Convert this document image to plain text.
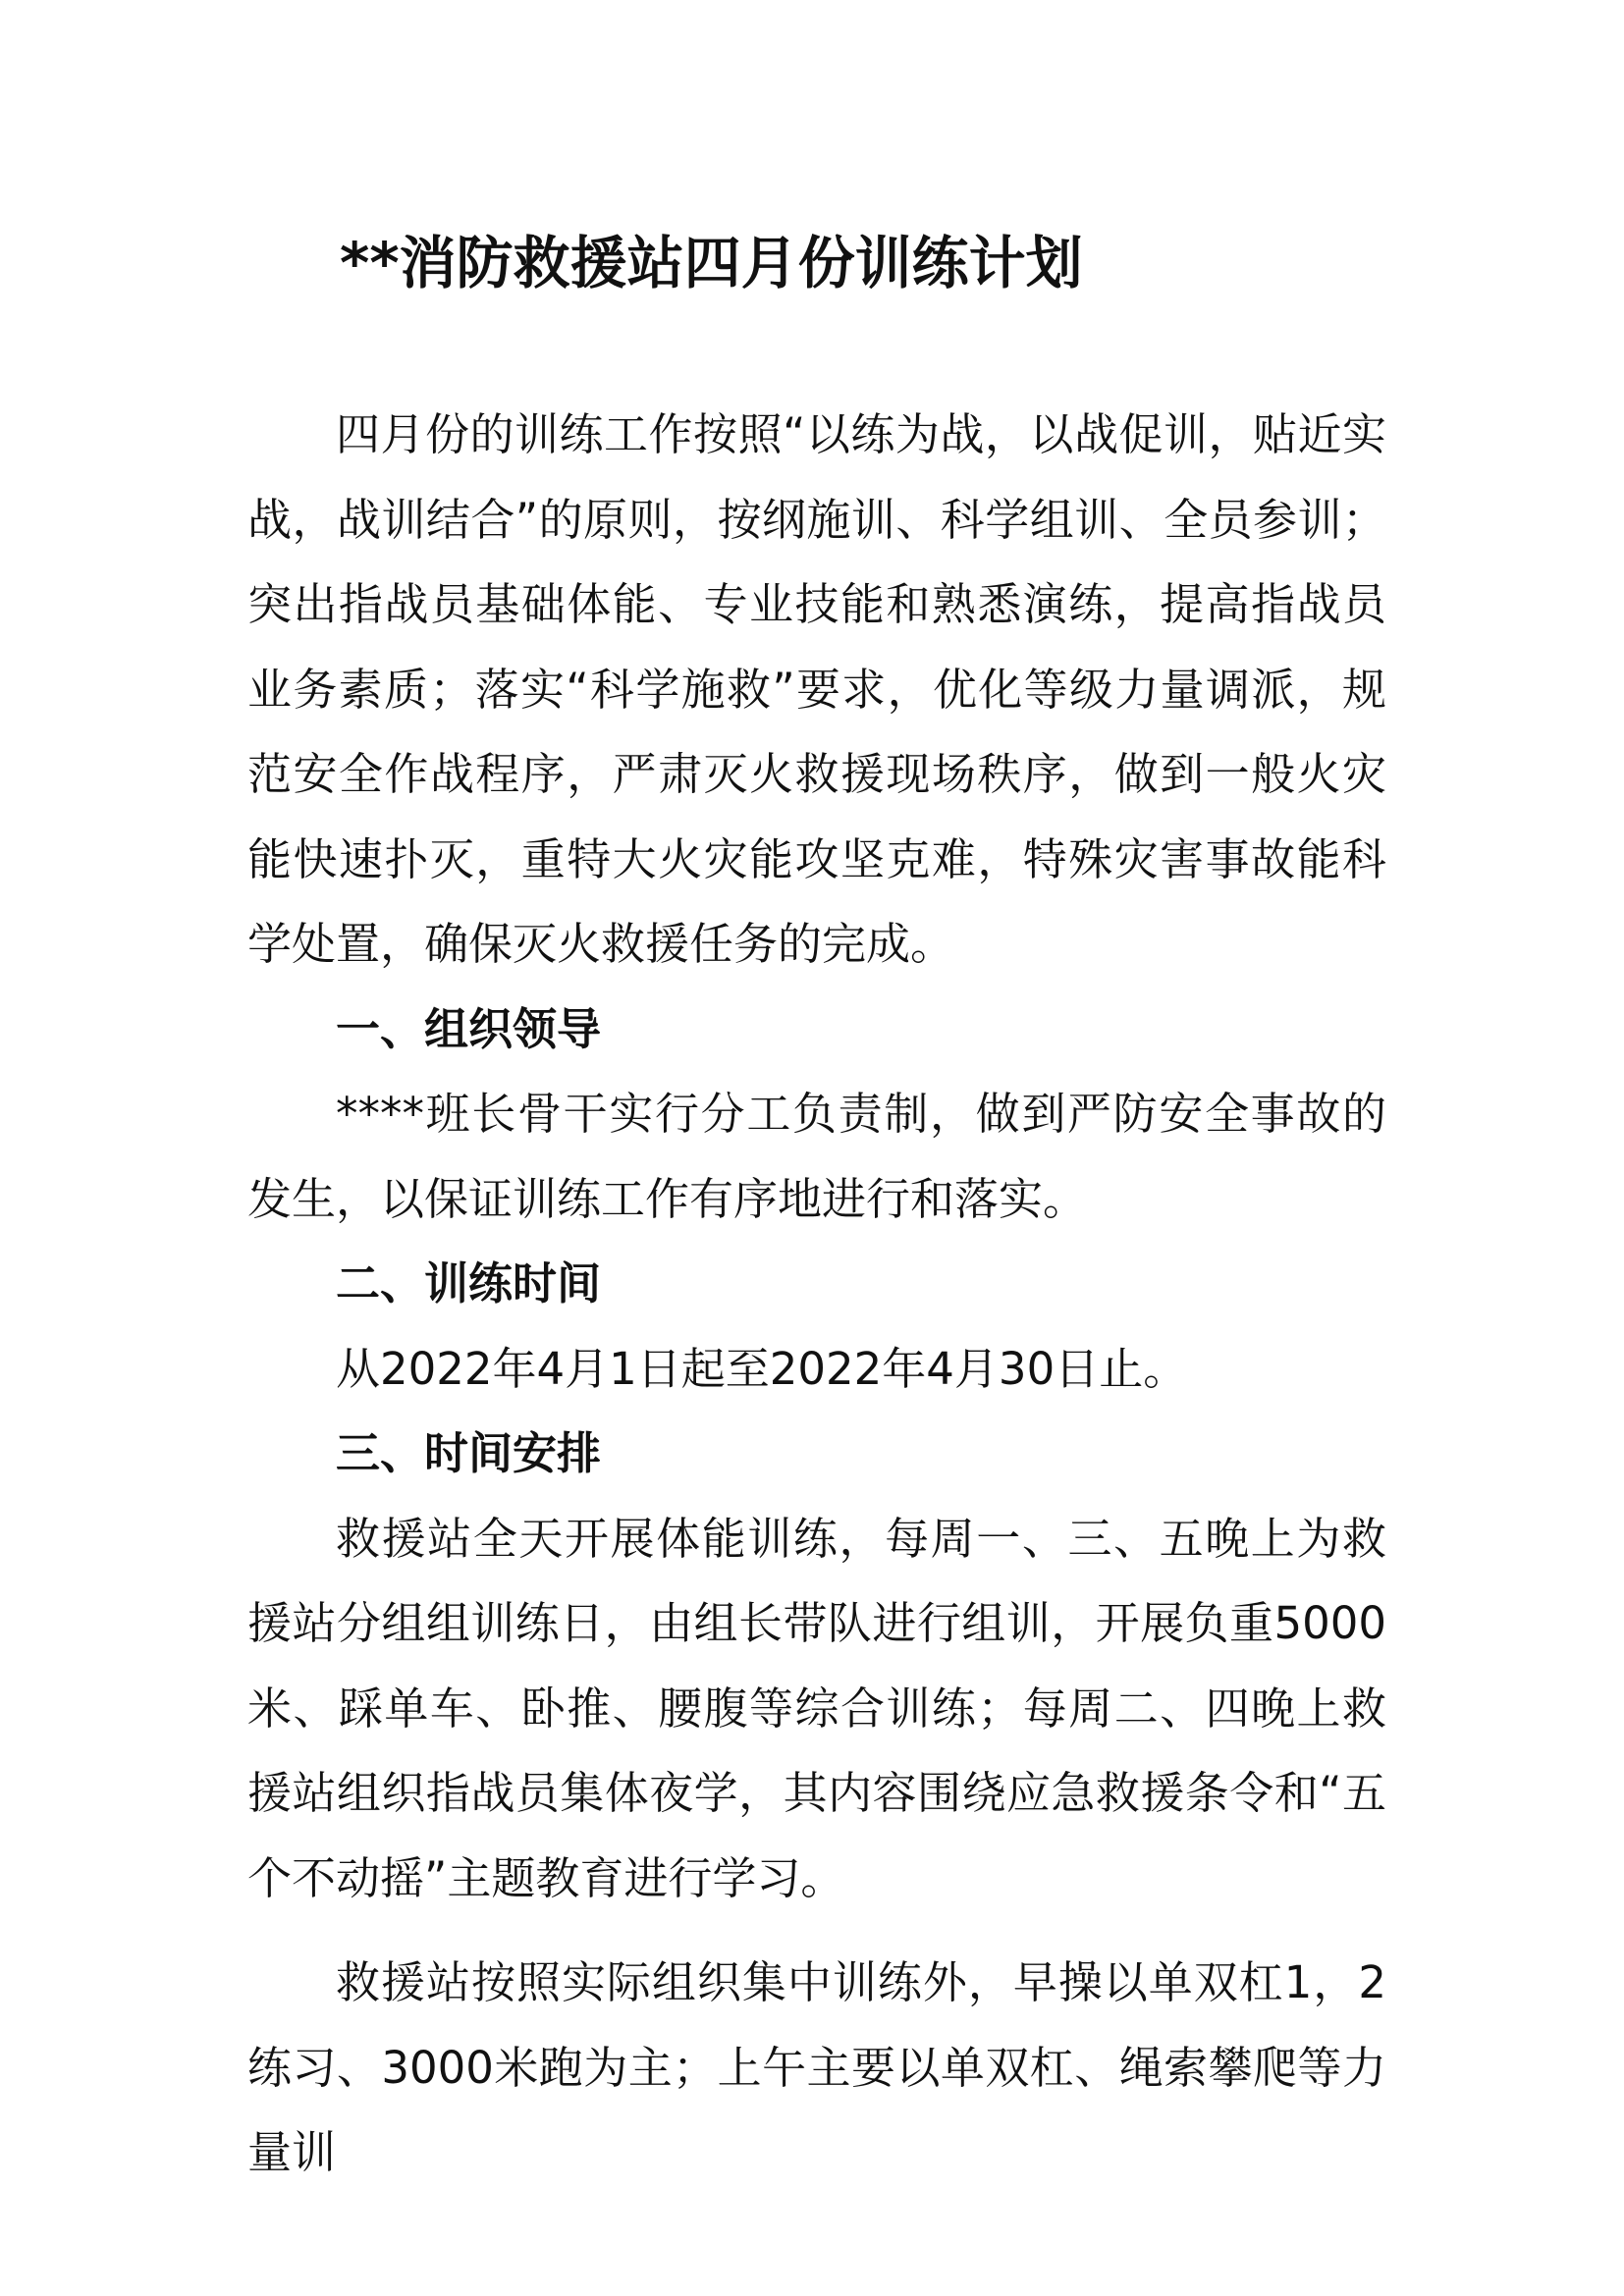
**消防救援站四月份训练计划

四月份的训练工作按照“以练为战，以战促训，贴近实战，战训结合”的原则，按纲施训、科学组训、全员参训；突出指战员基础体能、专业技能和熟悉演练，提高指战员业务素质；落实“科学施救”要求，优化等级力量调派，规范安全作战程序，严肃灭火救援现场秩序，做到一般火灾能快速扑灭，重特大火灾能攻坚克难，特殊灾害事故能科学处置，确保灭火救援任务的完成。

一、组织领导

****班长骨干实行分工负责制，做到严防安全事故的发生，以保证训练工作有序地进行和落实。

二、训练时间

从2022年4月1日起至2022年4月30日止。

三、时间安排

救援站全天开展体能训练，每周一、三、五晚上为救援站分组组训练日，由组长带队进行组训，开展负重5000米、踩单车、卧推、腰腹等综合训练；每周二、四晚上救援站组织指战员集体夜学，其内容围绕应急救援条令和“五个不动摇”主题教育进行学习。

救援站按照实际组织集中训练外，早操以单双杠1，2练习、3000米跑为主；上午主要以单双杠、绳索攀爬等力量训
